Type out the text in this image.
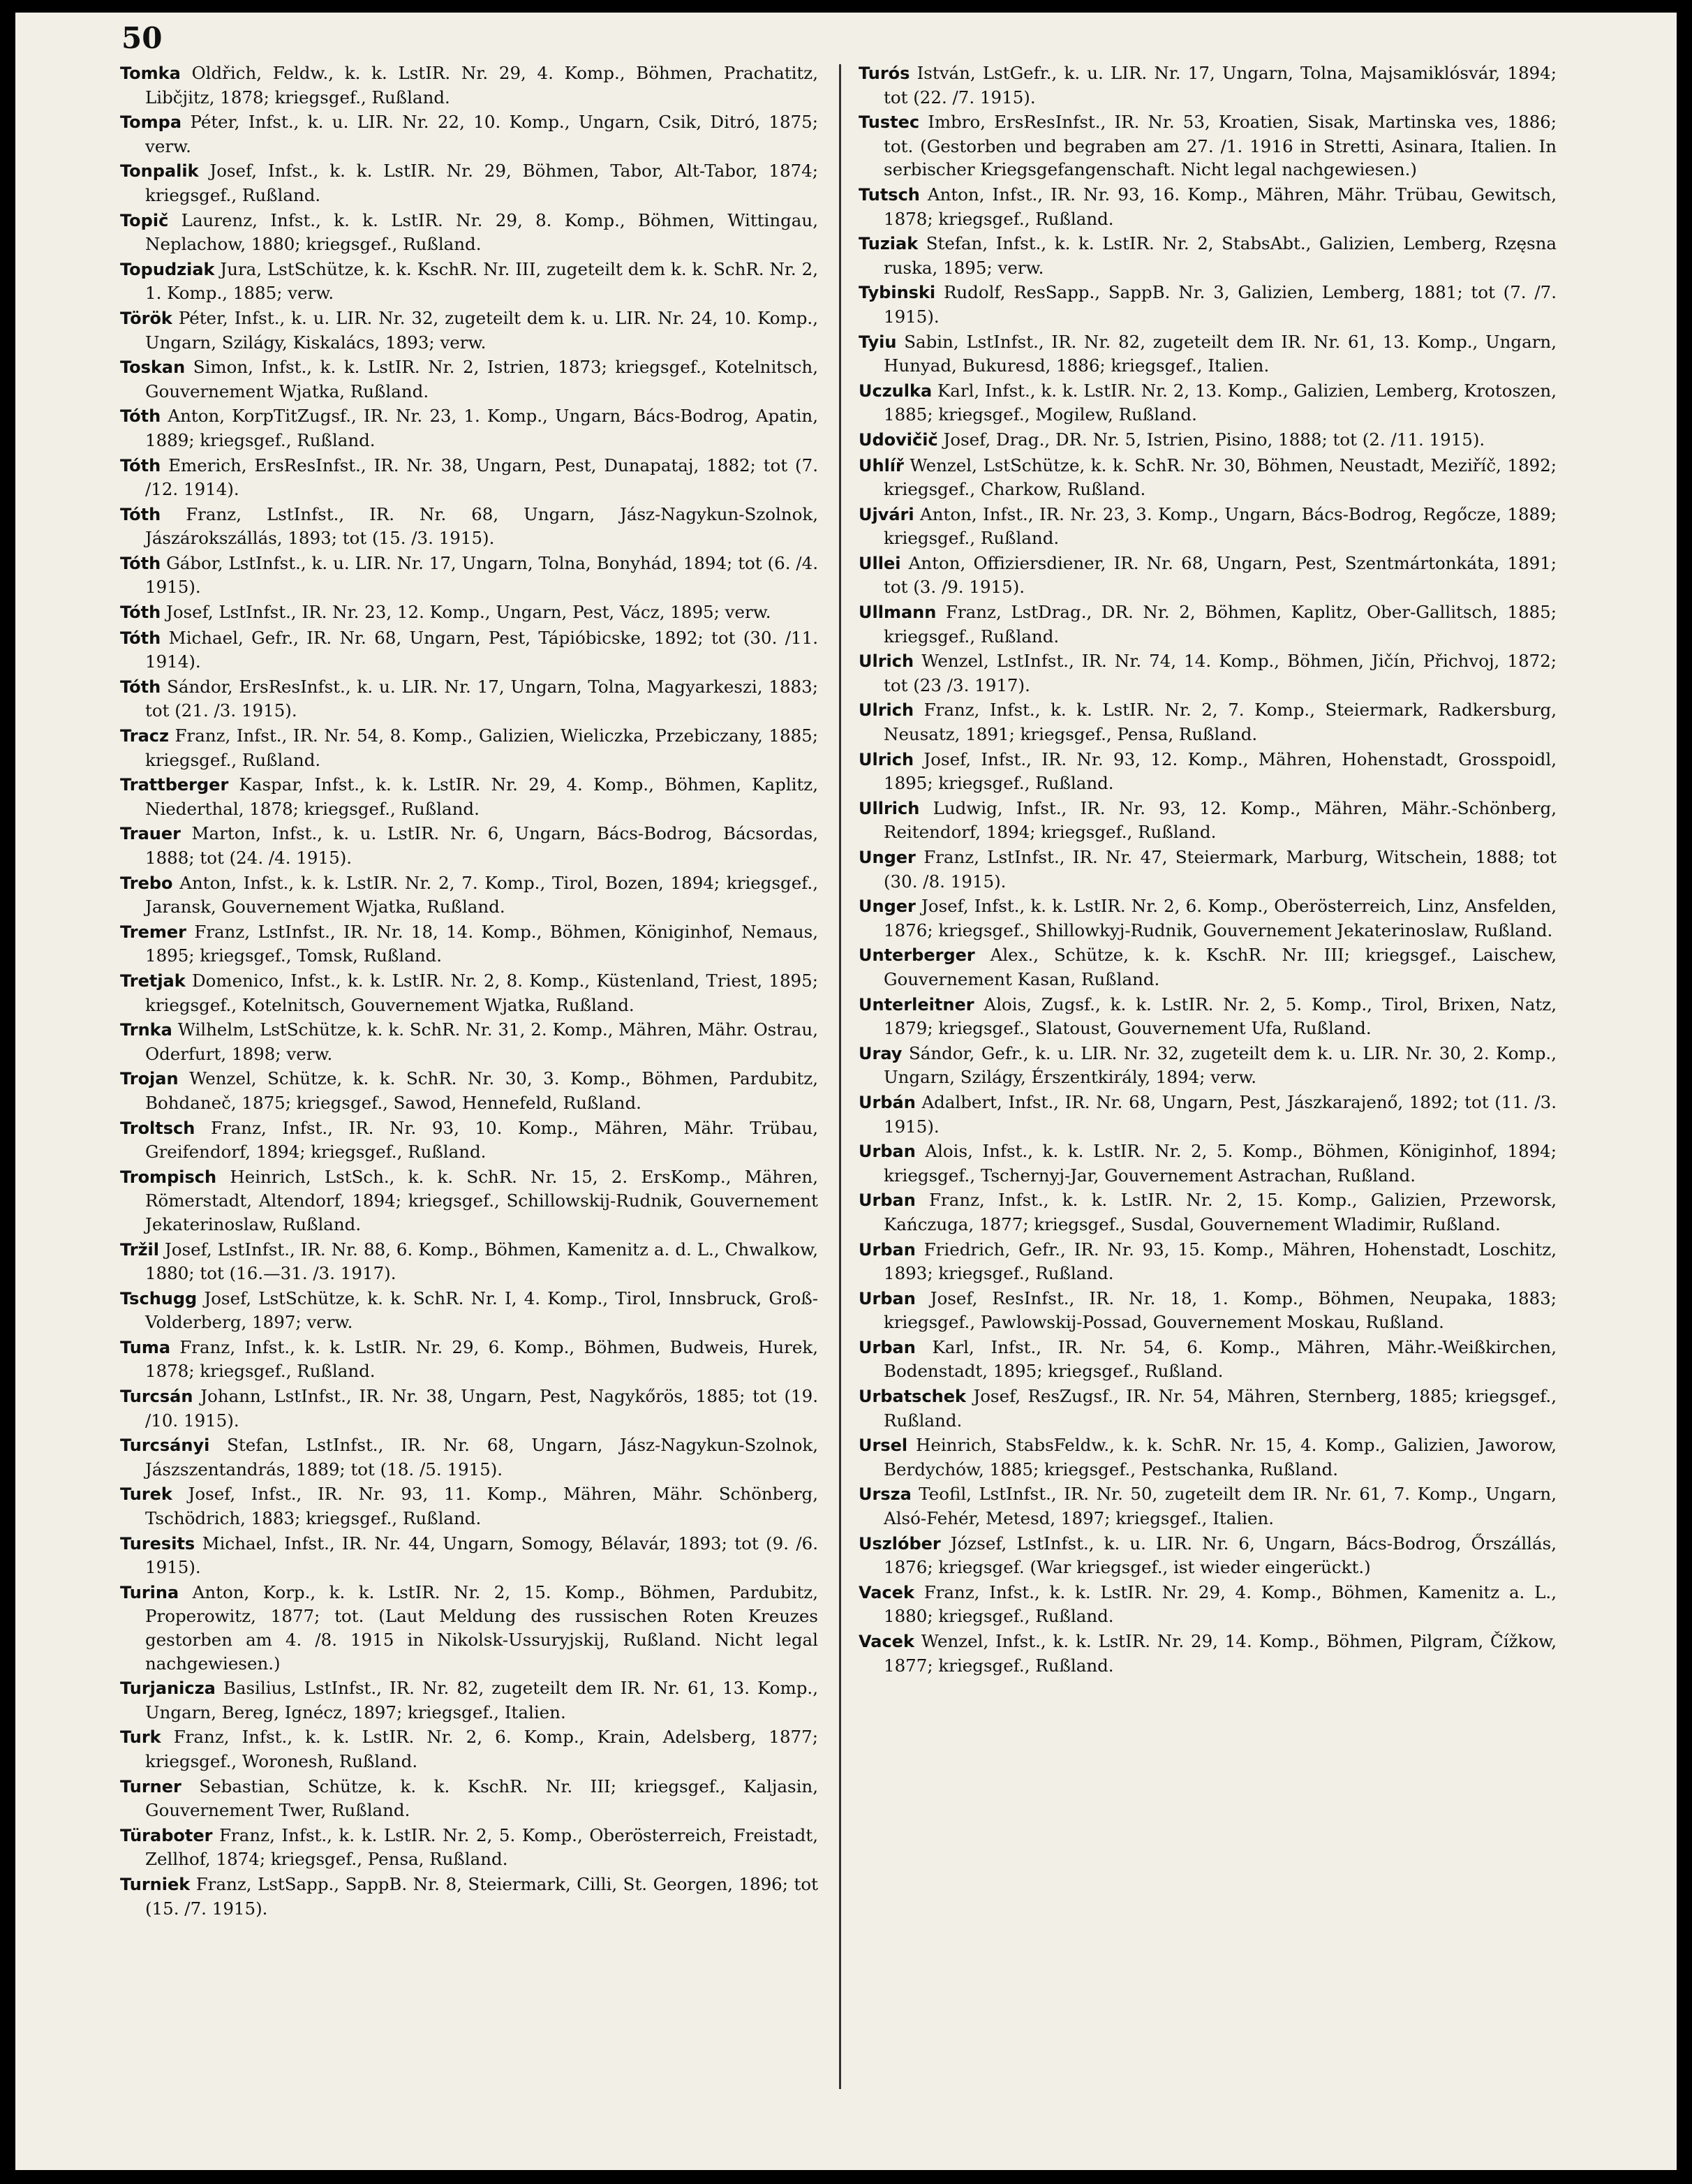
50

Tomka Oldřich, Feldw., k. k. LstIR. Nr. 29, 4. Komp., Böhmen, Prachatitz, Libčjitz, 1878; kriegsgef., Rußland.

Tompa Péter, Infst., k. u. LIR. Nr. 22, 10. Komp., Ungarn, Csik, Ditró, 1875; verw.

Tonpalik Josef, Infst., k. k. LstIR. Nr. 29, Böhmen, Tabor, Alt-Tabor, 1874; kriegsgef., Rußland.

Topič Laurenz, Infst., k. k. LstIR. Nr. 29, 8. Komp., Böhmen, Wittingau, Neplachow, 1880; kriegsgef., Rußland.

Topudziak Jura, LstSchütze, k. k. KschR. Nr. III, zugeteilt dem k. k. SchR. Nr. 2, 1. Komp., 1885; verw.

Török Péter, Infst., k. u. LIR. Nr. 32, zugeteilt dem k. u. LIR. Nr. 24, 10. Komp., Ungarn, Szilágy, Kiskalács, 1893; verw.

Toskan Simon, Infst., k. k. LstIR. Nr. 2, Istrien, 1873; kriegsgef., Kotelnitsch, Gouvernement Wjatka, Rußland.

Tóth Anton, KorpTitZugsf., IR. Nr. 23, 1. Komp., Ungarn, Bács-Bodrog, Apatin, 1889; kriegsgef., Rußland.

Tóth Emerich, ErsResInfst., IR. Nr. 38, Ungarn, Pest, Dunapataj, 1882; tot (7. /12. 1914).

Tóth Franz, LstInfst., IR. Nr. 68, Ungarn, Jász-Nagykun-Szolnok, Jászárokszállás, 1893; tot (15. /3. 1915).

Tóth Gábor, LstInfst., k. u. LIR. Nr. 17, Ungarn, Tolna, Bonyhád, 1894; tot (6. /4. 1915).

Tóth Josef, LstInfst., IR. Nr. 23, 12. Komp., Ungarn, Pest, Vácz, 1895; verw.

Tóth Michael, Gefr., IR. Nr. 68, Ungarn, Pest, Tápióbicske, 1892; tot (30. /11. 1914).

Tóth Sándor, ErsResInfst., k. u. LIR. Nr. 17, Ungarn, Tolna, Magyarkeszi, 1883; tot (21. /3. 1915).

Tracz Franz, Infst., IR. Nr. 54, 8. Komp., Galizien, Wieliczka, Przebiczany, 1885; kriegsgef., Rußland.

Trattberger Kaspar, Infst., k. k. LstIR. Nr. 29, 4. Komp., Böhmen, Kaplitz, Niederthal, 1878; kriegsgef., Rußland.

Trauer Marton, Infst., k. u. LstIR. Nr. 6, Ungarn, Bács-Bodrog, Bácsordas, 1888; tot (24. /4. 1915).

Trebo Anton, Infst., k. k. LstIR. Nr. 2, 7. Komp., Tirol, Bozen, 1894; kriegsgef., Jaransk, Gouvernement Wjatka, Rußland.

Tremer Franz, LstInfst., IR. Nr. 18, 14. Komp., Böhmen, Königinhof, Nemaus, 1895; kriegsgef., Tomsk, Rußland.

Tretjak Domenico, Infst., k. k. LstIR. Nr. 2, 8. Komp., Küstenland, Triest, 1895; kriegsgef., Kotelnitsch, Gouvernement Wjatka, Rußland.

Trnka Wilhelm, LstSchütze, k. k. SchR. Nr. 31, 2. Komp., Mähren, Mähr. Ostrau, Oderfurt, 1898; verw.

Trojan Wenzel, Schütze, k. k. SchR. Nr. 30, 3. Komp., Böhmen, Pardubitz, Bohdaneč, 1875; kriegsgef., Sawod, Hennefeld, Rußland.

Troltsch Franz, Infst., IR. Nr. 93, 10. Komp., Mähren, Mähr. Trübau, Greifendorf, 1894; kriegsgef., Rußland.

Trompisch Heinrich, LstSch., k. k. SchR. Nr. 15, 2. ErsKomp., Mähren, Römerstadt, Altendorf, 1894; kriegsgef., Schillowskij-Rudnik, Gouvernement Jekaterinoslaw, Rußland.

Tržil Josef, LstInfst., IR. Nr. 88, 6. Komp., Böhmen, Kamenitz a. d. L., Chwalkow, 1880; tot (16.—31. /3. 1917).

Tschugg Josef, LstSchütze, k. k. SchR. Nr. I, 4. Komp., Tirol, Innsbruck, Groß-Volderberg, 1897; verw.

Tuma Franz, Infst., k. k. LstIR. Nr. 29, 6. Komp., Böhmen, Budweis, Hurek, 1878; kriegsgef., Rußland.

Turcsán Johann, LstInfst., IR. Nr. 38, Ungarn, Pest, Nagykőrös, 1885; tot (19. /10. 1915).

Turcsányi Stefan, LstInfst., IR. Nr. 68, Ungarn, Jász-Nagykun-Szolnok, Jászszentandrás, 1889; tot (18. /5. 1915).

Turek Josef, Infst., IR. Nr. 93, 11. Komp., Mähren, Mähr. Schönberg, Tschödrich, 1883; kriegsgef., Rußland.

Turesits Michael, Infst., IR. Nr. 44, Ungarn, Somogy, Bélavár, 1893; tot (9. /6. 1915).

Turina Anton, Korp., k. k. LstIR. Nr. 2, 15. Komp., Böhmen, Pardubitz, Properowitz, 1877; tot. (Laut Meldung des russischen Roten Kreuzes gestorben am 4. /8. 1915 in Nikolsk-Ussuryjskij, Rußland. Nicht legal nachgewiesen.)

Turjanicza Basilius, LstInfst., IR. Nr. 82, zugeteilt dem IR. Nr. 61, 13. Komp., Ungarn, Bereg, Ignécz, 1897; kriegsgef., Italien.

Turk Franz, Infst., k. k. LstIR. Nr. 2, 6. Komp., Krain, Adelsberg, 1877; kriegsgef., Woronesh, Rußland.

Turner Sebastian, Schütze, k. k. KschR. Nr. III; kriegsgef., Kaljasin, Gouvernement Twer, Rußland.

Türaboter Franz, Infst., k. k. LstIR. Nr. 2, 5. Komp., Oberösterreich, Freistadt, Zellhof, 1874; kriegsgef., Pensa, Rußland.

Turniek Franz, LstSapp., SappB. Nr. 8, Steiermark, Cilli, St. Georgen, 1896; tot (15. /7. 1915).

Turós István, LstGefr., k. u. LIR. Nr. 17, Ungarn, Tolna, Majsamiklósvár, 1894; tot (22. /7. 1915).

Tustec Imbro, ErsResInfst., IR. Nr. 53, Kroatien, Sisak, Martinska ves, 1886; tot. (Gestorben und begraben am 27. /1. 1916 in Stretti, Asinara, Italien. In serbischer Kriegsgefangenschaft. Nicht legal nachgewiesen.)

Tutsch Anton, Infst., IR. Nr. 93, 16. Komp., Mähren, Mähr. Trübau, Gewitsch, 1878; kriegsgef., Rußland.

Tuziak Stefan, Infst., k. k. LstIR. Nr. 2, StabsAbt., Galizien, Lemberg, Rzęsna ruska, 1895; verw.

Tybinski Rudolf, ResSapp., SappB. Nr. 3, Galizien, Lemberg, 1881; tot (7. /7. 1915).

Tyiu Sabin, LstInfst., IR. Nr. 82, zugeteilt dem IR. Nr. 61, 13. Komp., Ungarn, Hunyad, Bukuresd, 1886; kriegsgef., Italien.

Uczulka Karl, Infst., k. k. LstIR. Nr. 2, 13. Komp., Galizien, Lemberg, Krotoszen, 1885; kriegsgef., Mogilew, Rußland.

Udovičič Josef, Drag., DR. Nr. 5, Istrien, Pisino, 1888; tot (2. /11. 1915).

Uhlíř Wenzel, LstSchütze, k. k. SchR. Nr. 30, Böhmen, Neustadt, Meziříč, 1892; kriegsgef., Charkow, Rußland.

Ujvári Anton, Infst., IR. Nr. 23, 3. Komp., Ungarn, Bács-Bodrog, Regőcze, 1889; kriegsgef., Rußland.

Ullei Anton, Offiziersdiener, IR. Nr. 68, Ungarn, Pest, Szentmártonkáta, 1891; tot (3. /9. 1915).

Ullmann Franz, LstDrag., DR. Nr. 2, Böhmen, Kaplitz, Ober-Gallitsch, 1885; kriegsgef., Rußland.

Ulrich Wenzel, LstInfst., IR. Nr. 74, 14. Komp., Böhmen, Jičín, Přichvoj, 1872; tot (23 /3. 1917).

Ulrich Franz, Infst., k. k. LstIR. Nr. 2, 7. Komp., Steiermark, Radkersburg, Neusatz, 1891; kriegsgef., Pensa, Rußland.

Ulrich Josef, Infst., IR. Nr. 93, 12. Komp., Mähren, Hohenstadt, Grosspoidl, 1895; kriegsgef., Rußland.

Ullrich Ludwig, Infst., IR. Nr. 93, 12. Komp., Mähren, Mähr.-Schönberg, Reitendorf, 1894; kriegsgef., Rußland.

Unger Franz, LstInfst., IR. Nr. 47, Steiermark, Marburg, Witschein, 1888; tot (30. /8. 1915).

Unger Josef, Infst., k. k. LstIR. Nr. 2, 6. Komp., Oberösterreich, Linz, Ansfelden, 1876; kriegsgef., Shillowkyj-Rudnik, Gouvernement Jekaterinoslaw, Rußland.

Unterberger Alex., Schütze, k. k. KschR. Nr. III; kriegsgef., Laischew, Gouvernement Kasan, Rußland.

Unterleitner Alois, Zugsf., k. k. LstIR. Nr. 2, 5. Komp., Tirol, Brixen, Natz, 1879; kriegsgef., Slatoust, Gouvernement Ufa, Rußland.

Uray Sándor, Gefr., k. u. LIR. Nr. 32, zugeteilt dem k. u. LIR. Nr. 30, 2. Komp., Ungarn, Szilágy, Érszentkirály, 1894; verw.

Urbán Adalbert, Infst., IR. Nr. 68, Ungarn, Pest, Jászkarajenő, 1892; tot (11. /3. 1915).

Urban Alois, Infst., k. k. LstIR. Nr. 2, 5. Komp., Böhmen, Königinhof, 1894; kriegsgef., Tschernyj-Jar, Gouvernement Astrachan, Rußland.

Urban Franz, Infst., k. k. LstIR. Nr. 2, 15. Komp., Galizien, Przeworsk, Kańczuga, 1877; kriegsgef., Susdal, Gouvernement Wladimir, Rußland.

Urban Friedrich, Gefr., IR. Nr. 93, 15. Komp., Mähren, Hohenstadt, Loschitz, 1893; kriegsgef., Rußland.

Urban Josef, ResInfst., IR. Nr. 18, 1. Komp., Böhmen, Neupaka, 1883; kriegsgef., Pawlowskij-Possad, Gouvernement Moskau, Rußland.

Urban Karl, Infst., IR. Nr. 54, 6. Komp., Mähren, Mähr.-Weißkirchen, Bodenstadt, 1895; kriegsgef., Rußland.

Urbatschek Josef, ResZugsf., IR. Nr. 54, Mähren, Sternberg, 1885; kriegsgef., Rußland.

Ursel Heinrich, StabsFeldw., k. k. SchR. Nr. 15, 4. Komp., Galizien, Jaworow, Berdychów, 1885; kriegsgef., Pestschanka, Rußland.

Ursza Teofil, LstInfst., IR. Nr. 50, zugeteilt dem IR. Nr. 61, 7. Komp., Ungarn, Alsó-Fehér, Metesd, 1897; kriegsgef., Italien.

Uszlóber József, LstInfst., k. u. LIR. Nr. 6, Ungarn, Bács-Bodrog, Őrszállás, 1876; kriegsgef. (War kriegsgef., ist wieder eingerückt.)

Vacek Franz, Infst., k. k. LstIR. Nr. 29, 4. Komp., Böhmen, Kamenitz a. L., 1880; kriegsgef., Rußland.

Vacek Wenzel, Infst., k. k. LstIR. Nr. 29, 14. Komp., Böhmen, Pilgram, Čížkow, 1877; kriegsgef., Rußland.
